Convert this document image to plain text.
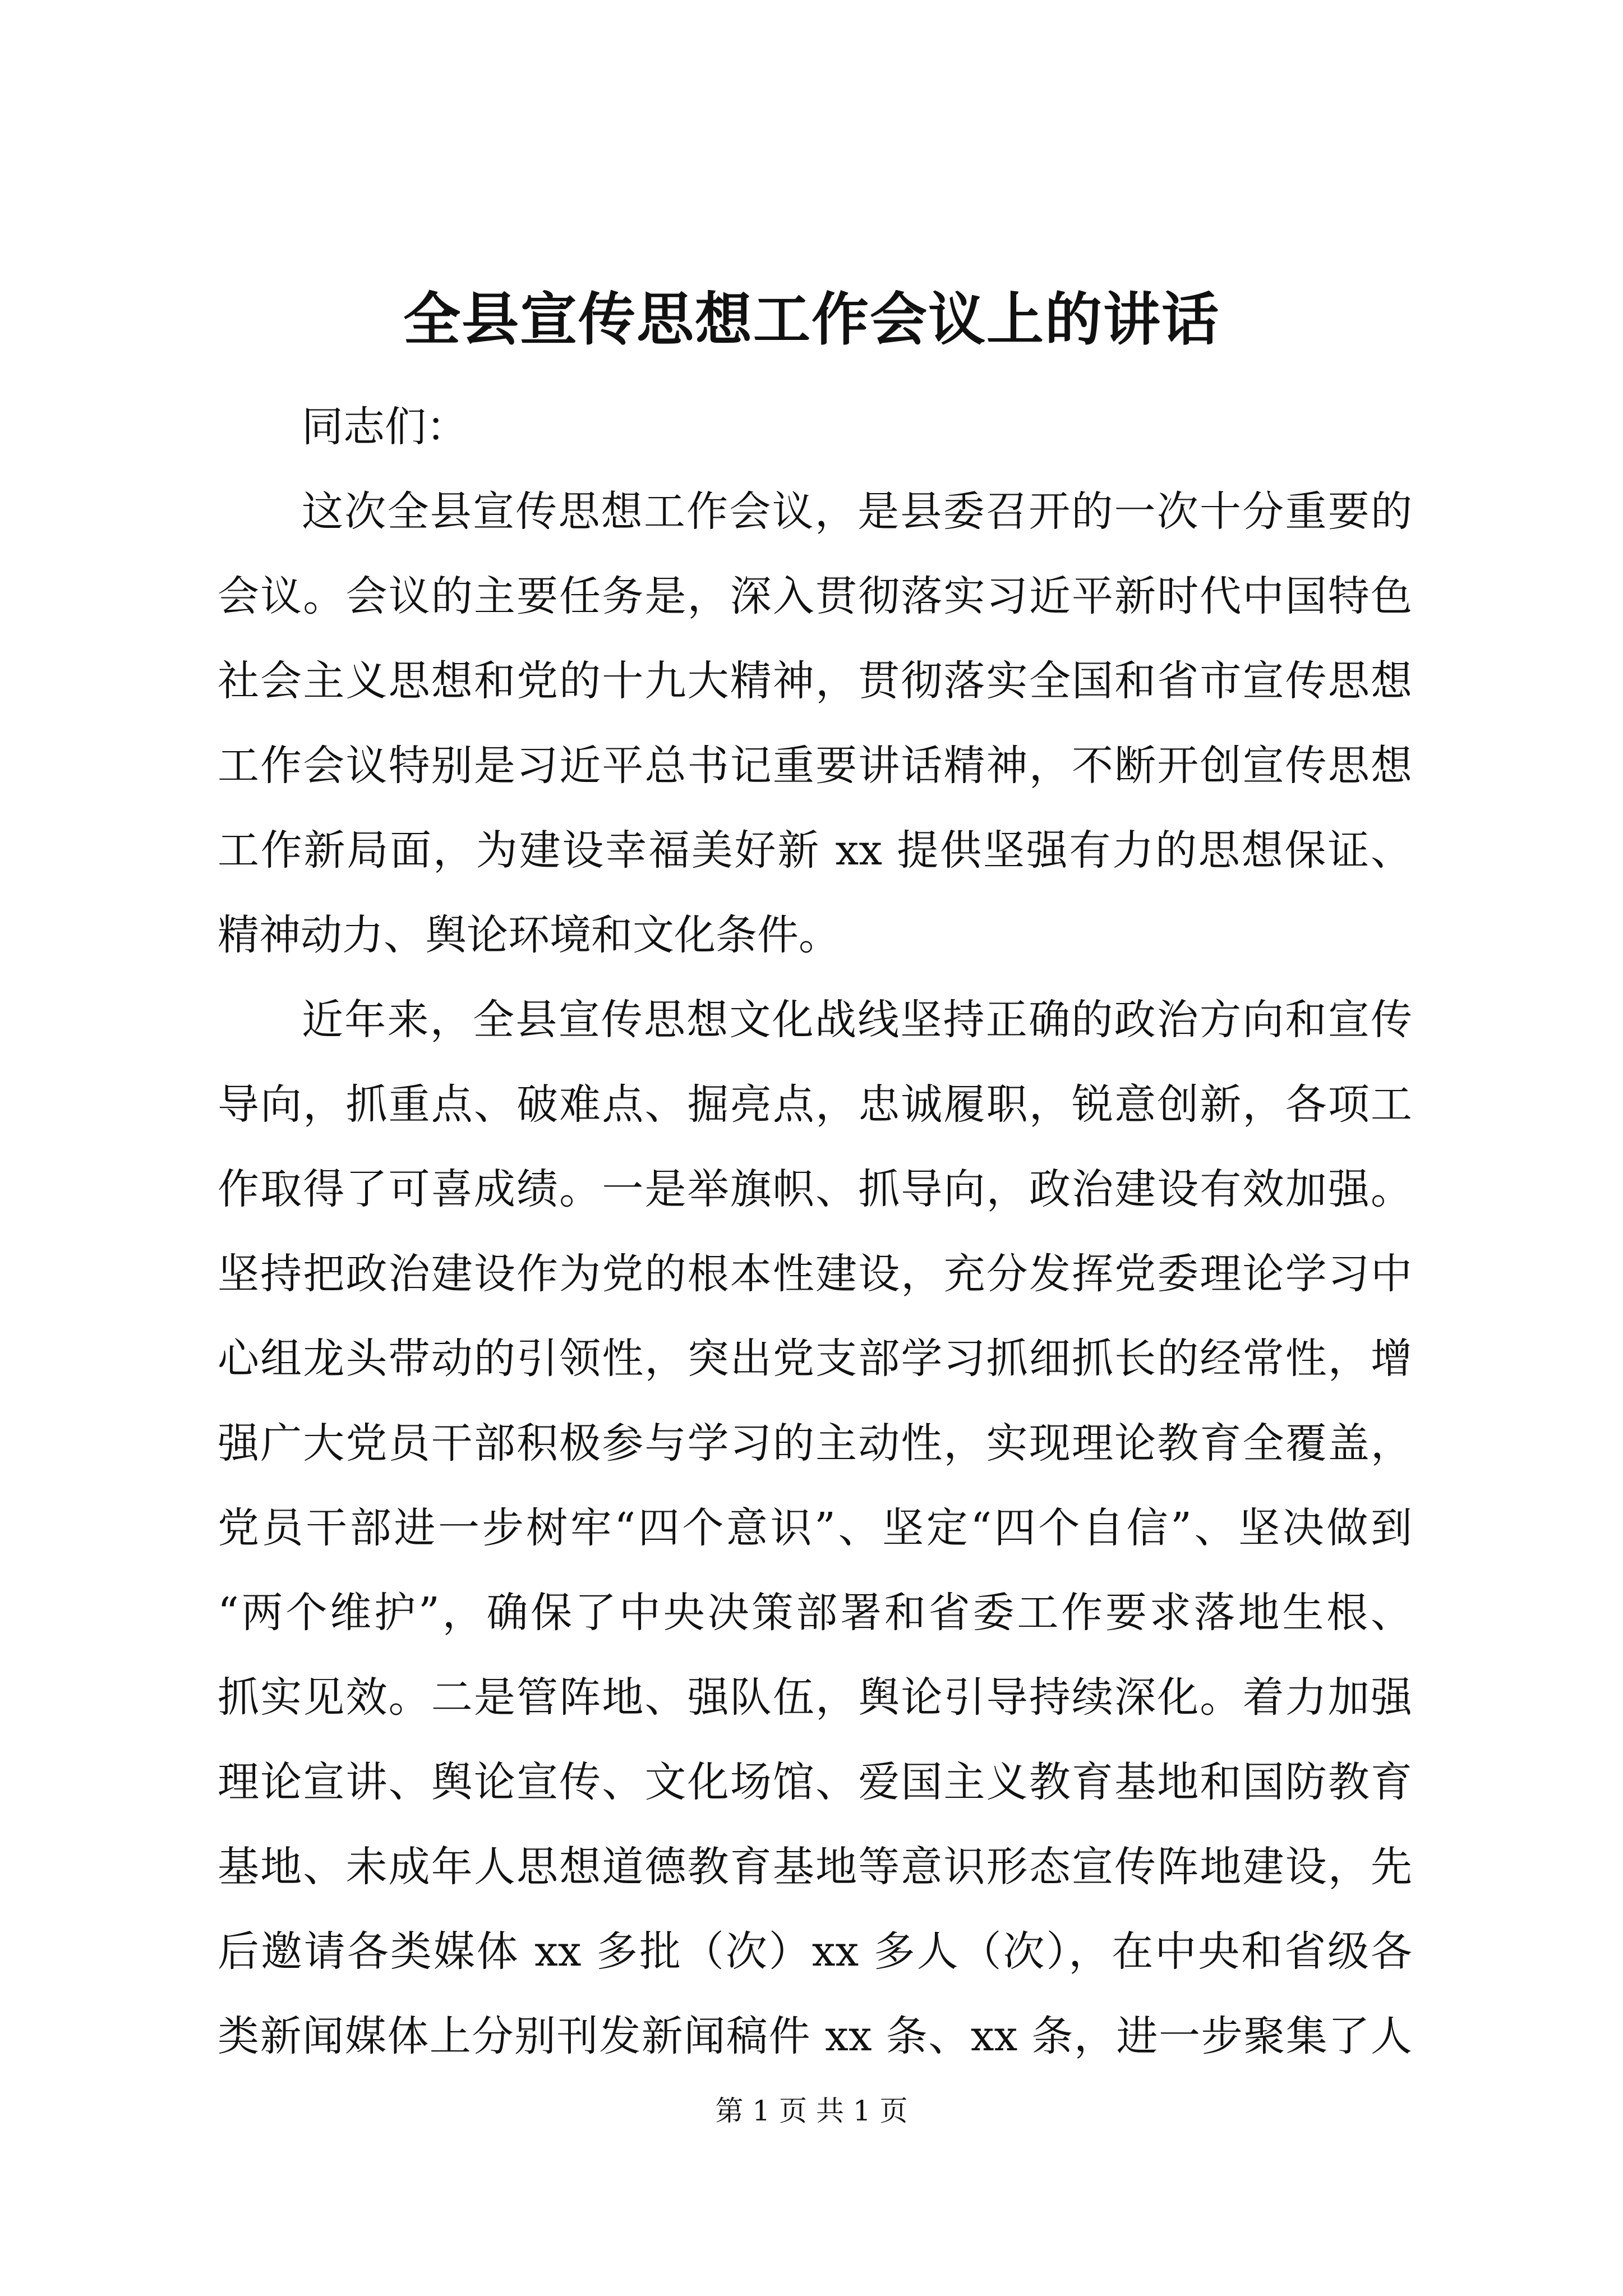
全县宣传思想工作会议上的讲话
同志们：
这次全县宣传思想工作会议，是县委召开的一次十分重要的
会议。会议的主要任务是，深入贯彻落实习近平新时代中国特色
社会主义思想和党的十九大精神，贯彻落实全国和省市宣传思想
工作会议特别是习近平总书记重要讲话精神，不断开创宣传思想
工作新局面，为建设幸福美好新 xx 提供坚强有力的思想保证、
精神动力、舆论环境和文化条件。
近年来，全县宣传思想文化战线坚持正确的政治方向和宣传
导向，抓重点、破难点、掘亮点，忠诚履职，锐意创新，各项工
作取得了可喜成绩。一是举旗帜、抓导向，政治建设有效加强。
坚持把政治建设作为党的根本性建设，充分发挥党委理论学习中
心组龙头带动的引领性，突出党支部学习抓细抓长的经常性，增
强广大党员干部积极参与学习的主动性，实现理论教育全覆盖，
党员干部进一步树牢“四个意识”、坚定“四个自信”、坚决做到
“两个维护”，确保了中央决策部署和省委工作要求落地生根、
抓实见效。二是管阵地、强队伍，舆论引导持续深化。着力加强
理论宣讲、舆论宣传、文化场馆、爱国主义教育基地和国防教育
基地、未成年人思想道德教育基地等意识形态宣传阵地建设，先
后邀请各类媒体 xx 多批（次）xx 多人（次），在中央和省级各
类新闻媒体上分别刊发新闻稿件 xx 条、xx 条，进一步聚集了人
第 1 页 共 1 页
